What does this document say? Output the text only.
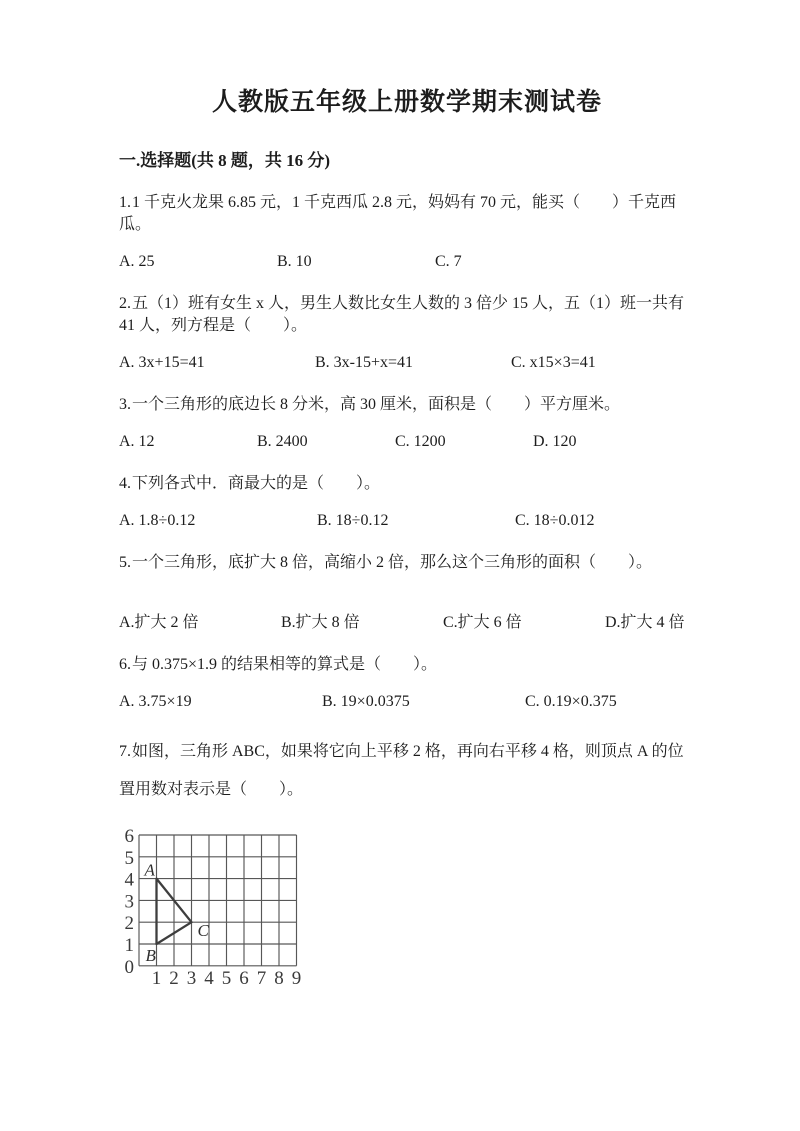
人教版五年级上册数学期末测试卷
一.选择题(共 8 题，共 16 分)

1.1 千克火龙果 6.85 元，1 千克西瓜 2.8 元，妈妈有 70 元，能买（　　）千克西瓜。

A. 25	B. 10	C. 7

2.五（1）班有女生 x 人，男生人数比女生人数的 3 倍少 15 人，五（1）班一共有 41 人，列方程是（　　）。

A. 3x+15=41	B. 3x-15+x=41	C. x15×3=41

3.一个三角形的底边长 8 分米，高 30 厘米，面积是（　　）平方厘米。

A. 12	B. 2400	C. 1200	D. 120

4.下列各式中．商最大的是（　　）。

A. 1.8÷0.12	B. 18÷0.12	C. 18÷0.012

5.一个三角形，底扩大 8 倍，高缩小 2 倍，那么这个三角形的面积（　　）。

A.扩大 2 倍	B.扩大 8 倍	C.扩大 6 倍	D.扩大 4 倍

6.与 0.375×1.9 的结果相等的算式是（　　）。

A. 3.75×19	B. 19×0.0375	C. 0.19×0.375

7.如图，三角形 ABC，如果将它向上平移 2 格，再向右平移 4 格，则顶点 A 的位置用数对表示是（　　）。

1 2 3 4 5 6 7 8 9
6
5
4
3
2
1
0
A
B
C
